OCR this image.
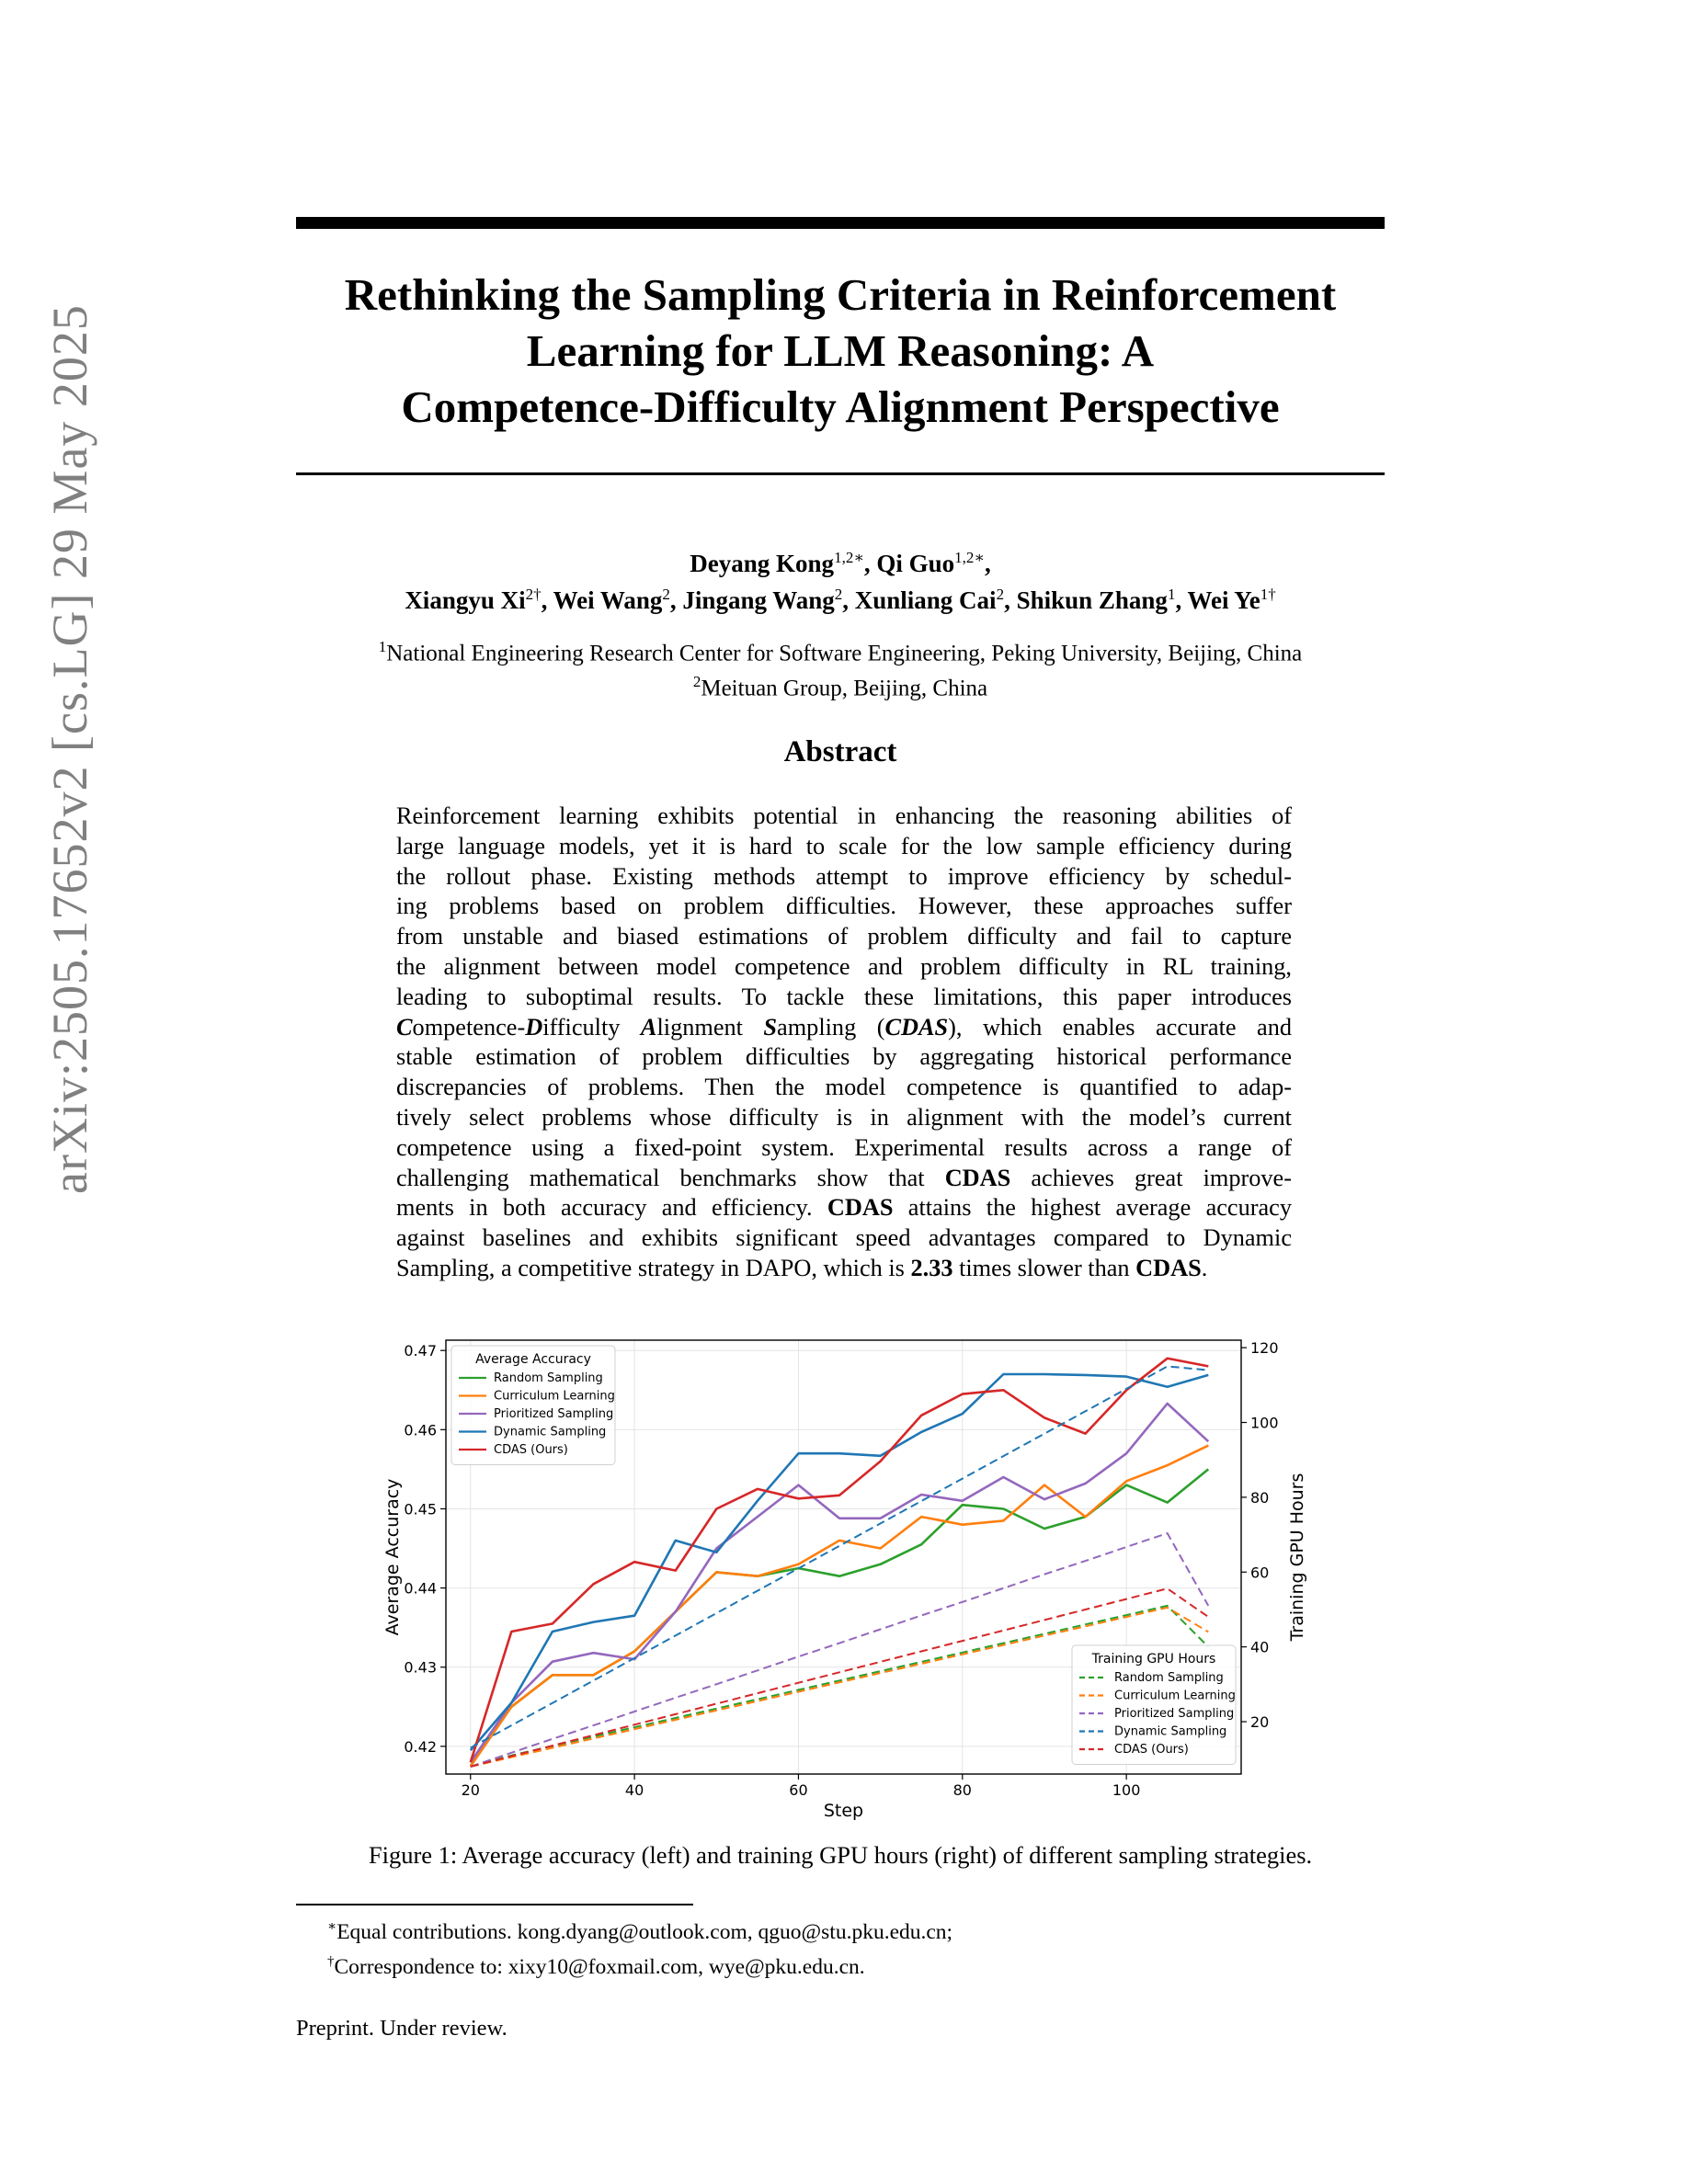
arXiv:2505.17652v2 [cs.LG] 29 May 2025
Rethinking the Sampling Criteria in Reinforcement
Learning for LLM Reasoning: A
Competence-Difficulty Alignment Perspective
Deyang Kong$^{1,2∗}$, Qi Guo$^{1,2∗}$,
Xiangyu $Xi^{2\dagger}$, Wei Wang$^2$, Jingang Wang$^2$, Xunliang Cai$^2$, Shikun Zhang$^1$, Wei $Ye^{1\dagger}$
$^1$National Engineering Research Center for Software Engineering, Peking University, Beijing, China
$^2$Meituan Group, Beijing, China
Abstract
Reinforcement learning exhibits potential in enhancing the reasoning abilities of
large language models, yet it is hard to scale for the low sample efficiency during
the rollout phase. Existing methods attempt to improve efficiency by schedul-
ing problems based on problem difficulties. However, these approaches suffer
from unstable and biased estimations of problem difficulty and fail to capture
the alignment between model competence and problem difficulty in RL training,
leading to suboptimal results. To tackle these limitations, this paper introduces
Competence-Difficulty Alignment Sampling (CDAS), which enables accurate and
stable estimation of problem difficulties by aggregating historical performance
discrepancies of problems. Then the model competence is quantified to adap-
tively select problems whose difficulty is in alignment with the model’s current
competence using a fixed-point system. Experimental results across a range of
challenging mathematical benchmarks show that CDAS achieves great improve-
ments in both accuracy and efficiency. CDAS attains the highest average accuracy
against baselines and exhibits significant speed advantages compared to Dynamic
Sampling, a competitive strategy in DAPO, which is 2.33 times slower than CDAS.
20	40	60	80	100
0.42
0.43
0.44
0.45
0.46
0.47
20
40
60
80
100
120
Step
Average Accuracy	Training GPU Hours
Average Accuracy
Random Sampling
Curriculum Learning
Prioritized Sampling
Dynamic Sampling
CDAS (Ours)
Training GPU Hours
Random Sampling
Curriculum Learning
Prioritized Sampling
Dynamic Sampling
CDAS (Ours)
Figure 1: Average accuracy (left) and training GPU hours (right) of different sampling strategies.
∗Equal contributions. kong.dyang@outlook.com, qguo@stu.pku.edu.cn;
†Correspondence to: xixy10@foxmail.com, wye@pku.edu.cn.
Preprint. Under review.
